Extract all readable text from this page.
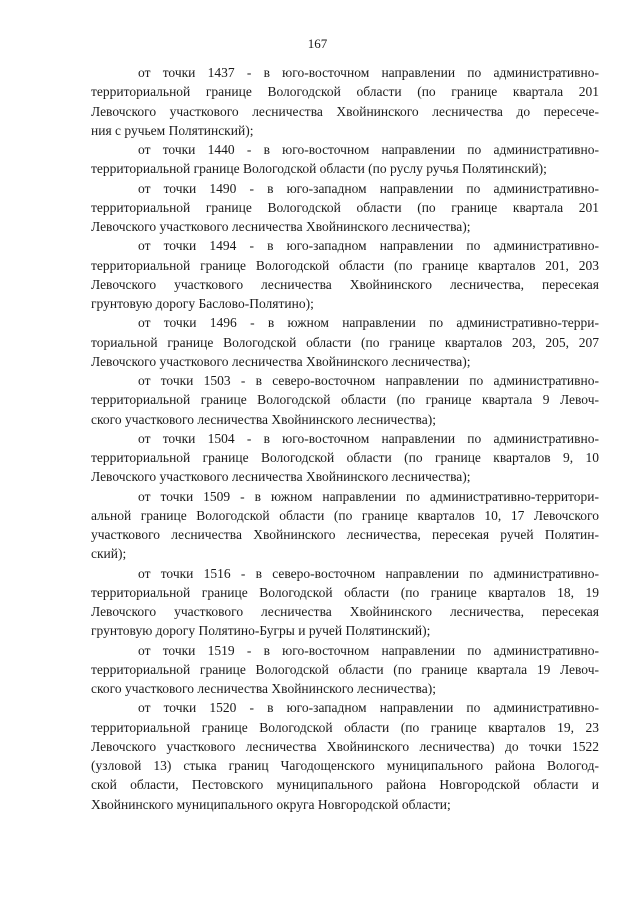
167

от точки 1437 - в юго-восточном направлении по административно-
территориальной границе Вологодской области (по границе квартала 201
Левочского участкового лесничества Хвойнинского лесничества до пересече-
ния с ручьем Полятинский);

от точки 1440 - в юго-восточном направлении по административно-
территориальной границе Вологодской области (по руслу ручья Полятинский);

от точки 1490 - в юго-западном направлении по административно-
территориальной границе Вологодской области (по границе квартала 201
Левочского участкового лесничества Хвойнинского лесничества);

от точки 1494 - в юго-западном направлении по административно-
территориальной границе Вологодской области (по границе кварталов 201, 203
Левочского участкового лесничества Хвойнинского лесничества, пересекая
грунтовую дорогу Баслово-Полятино);

от точки 1496 - в южном направлении по административно-терри-
ториальной границе Вологодской области (по границе кварталов 203, 205, 207
Левочского участкового лесничества Хвойнинского лесничества);

от точки 1503 - в северо-восточном направлении по административно-
территориальной границе Вологодской области (по границе квартала 9 Левоч-
ского участкового лесничества Хвойнинского лесничества);

от точки 1504 - в юго-восточном направлении по административно-
территориальной границе Вологодской области (по границе кварталов 9, 10
Левочского участкового лесничества Хвойнинского лесничества);

от точки 1509 - в южном направлении по административно-территори-
альной границе Вологодской области (по границе кварталов 10, 17 Левочского
участкового лесничества Хвойнинского лесничества, пересекая ручей Полятин-
ский);

от точки 1516 - в северо-восточном направлении по административно-
территориальной границе Вологодской области (по границе кварталов 18, 19
Левочского участкового лесничества Хвойнинского лесничества, пересекая
грунтовую дорогу Полятино-Бугры и ручей Полятинский);

от точки 1519 - в юго-восточном направлении по административно-
территориальной границе Вологодской области (по границе квартала 19 Левоч-
ского участкового лесничества Хвойнинского лесничества);

от точки 1520 - в юго-западном направлении по административно-
территориальной границе Вологодской области (по границе кварталов 19, 23
Левочского участкового лесничества Хвойнинского лесничества) до точки 1522
(узловой 13) стыка границ Чагодощенского муниципального района Вологод-
ской области, Пестовского муниципального района Новгородской области и
Хвойнинского муниципального округа Новгородской области;
